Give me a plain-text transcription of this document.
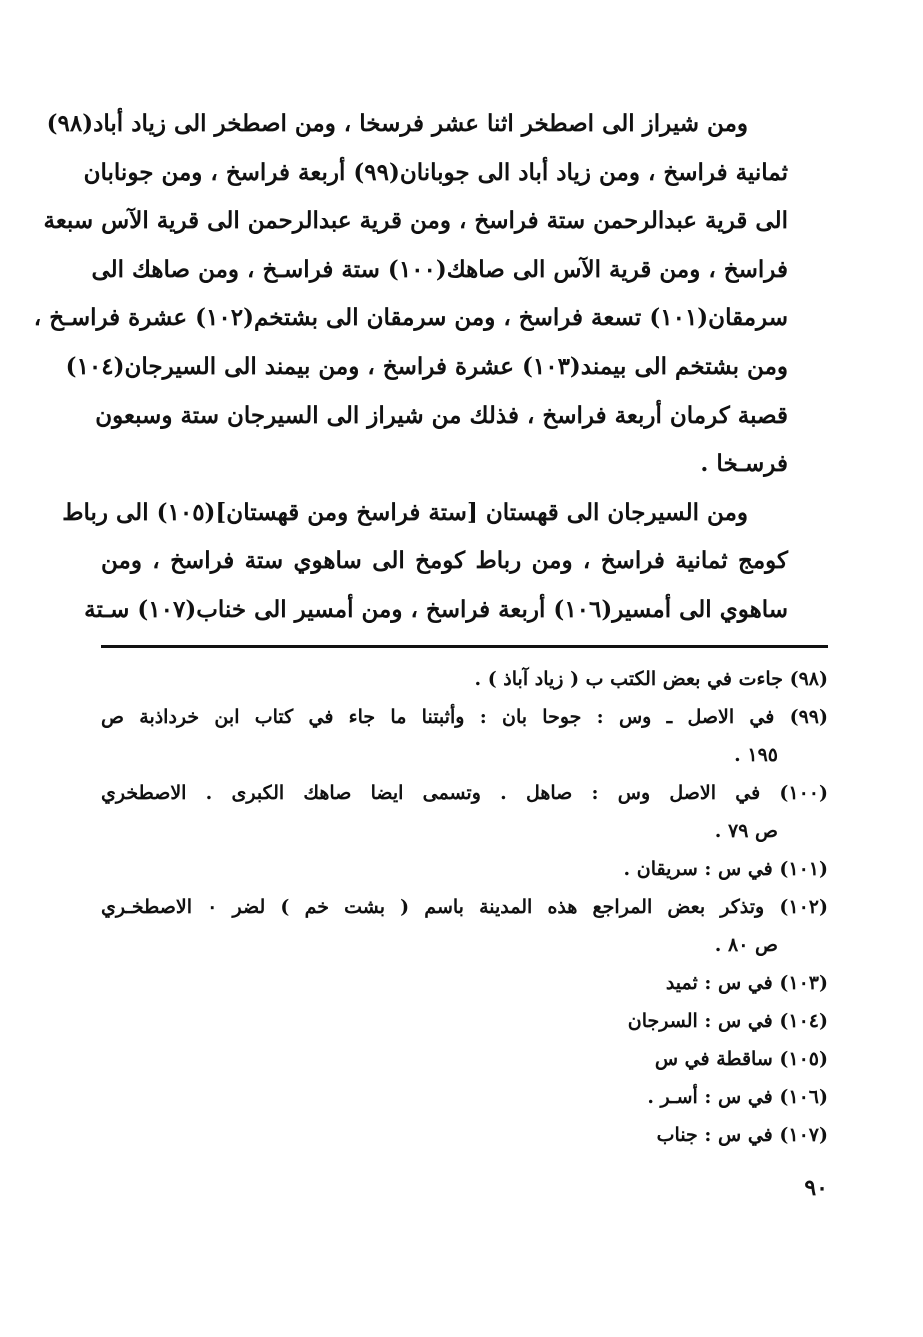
ومن شيراز الى اصطخر اثنا عشر فرسخا ، ومن اصطخر الى زياد أباد(٩٨)
ثمانية فراسخ ، ومن زياد أباد الى جوبانان(٩٩) أربعة فراسخ ، ومن جونابان
الى قرية عبدالرحمن ستة فراسخ ، ومن قرية عبدالرحمن الى قرية الآس سبعة
فراسخ ، ومن قرية الآس الى صاهك(١٠٠) ستة فراسـخ ، ومن صاهك الى
سرمقان(١٠١) تسعة فراسخ ، ومن سرمقان الى بشتخم(١٠٢) عشرة فراسـخ ،
ومن بشتخم الى بيمند(١٠٣) عشرة فراسخ ، ومن بيمند الى السيرجان(١٠٤)
قصبة كرمان أربعة فراسخ ، فذلك من شيراز الى السيرجان ستة وسبعون
فرسـخا .
ومن السيرجان الى قهستان [ستة فراسخ ومن قهستان](١٠٥) الى رباط
كومج ثمانية فراسخ ، ومن رباط كومخ الى ساهوي ستة فراسخ ، ومن
ساهوي الى أمسير(١٠٦) أربعة فراسخ ، ومن أمسير الى خناب(١٠٧) سـتة
(٩٨) جاءت في بعض الكتب ب ( زياد آباذ ) .
(٩٩) في الاصل ـ وس : جوحا بان : وأثبتنا ما جاء في كتاب ابن خرداذبة ص
١٩٥ .
(١٠٠) في الاصل وس : صاهل . وتسمى ايضا صاهك الكبرى . الاصطخري
ص ٧٩ .
(١٠١) في س : سريقان .
(١٠٢) وتذكر بعض المراجع هذه المدينة باسم ( بشت خم ) لضر ٠ الاصطخـري
ص ٨٠ .
(١٠٣) في س : ثميد
(١٠٤) في س : السرجان
(١٠٥) ساقطة في س
(١٠٦) في س : أسـر .
(١٠٧) في س : جناب
٩٠
